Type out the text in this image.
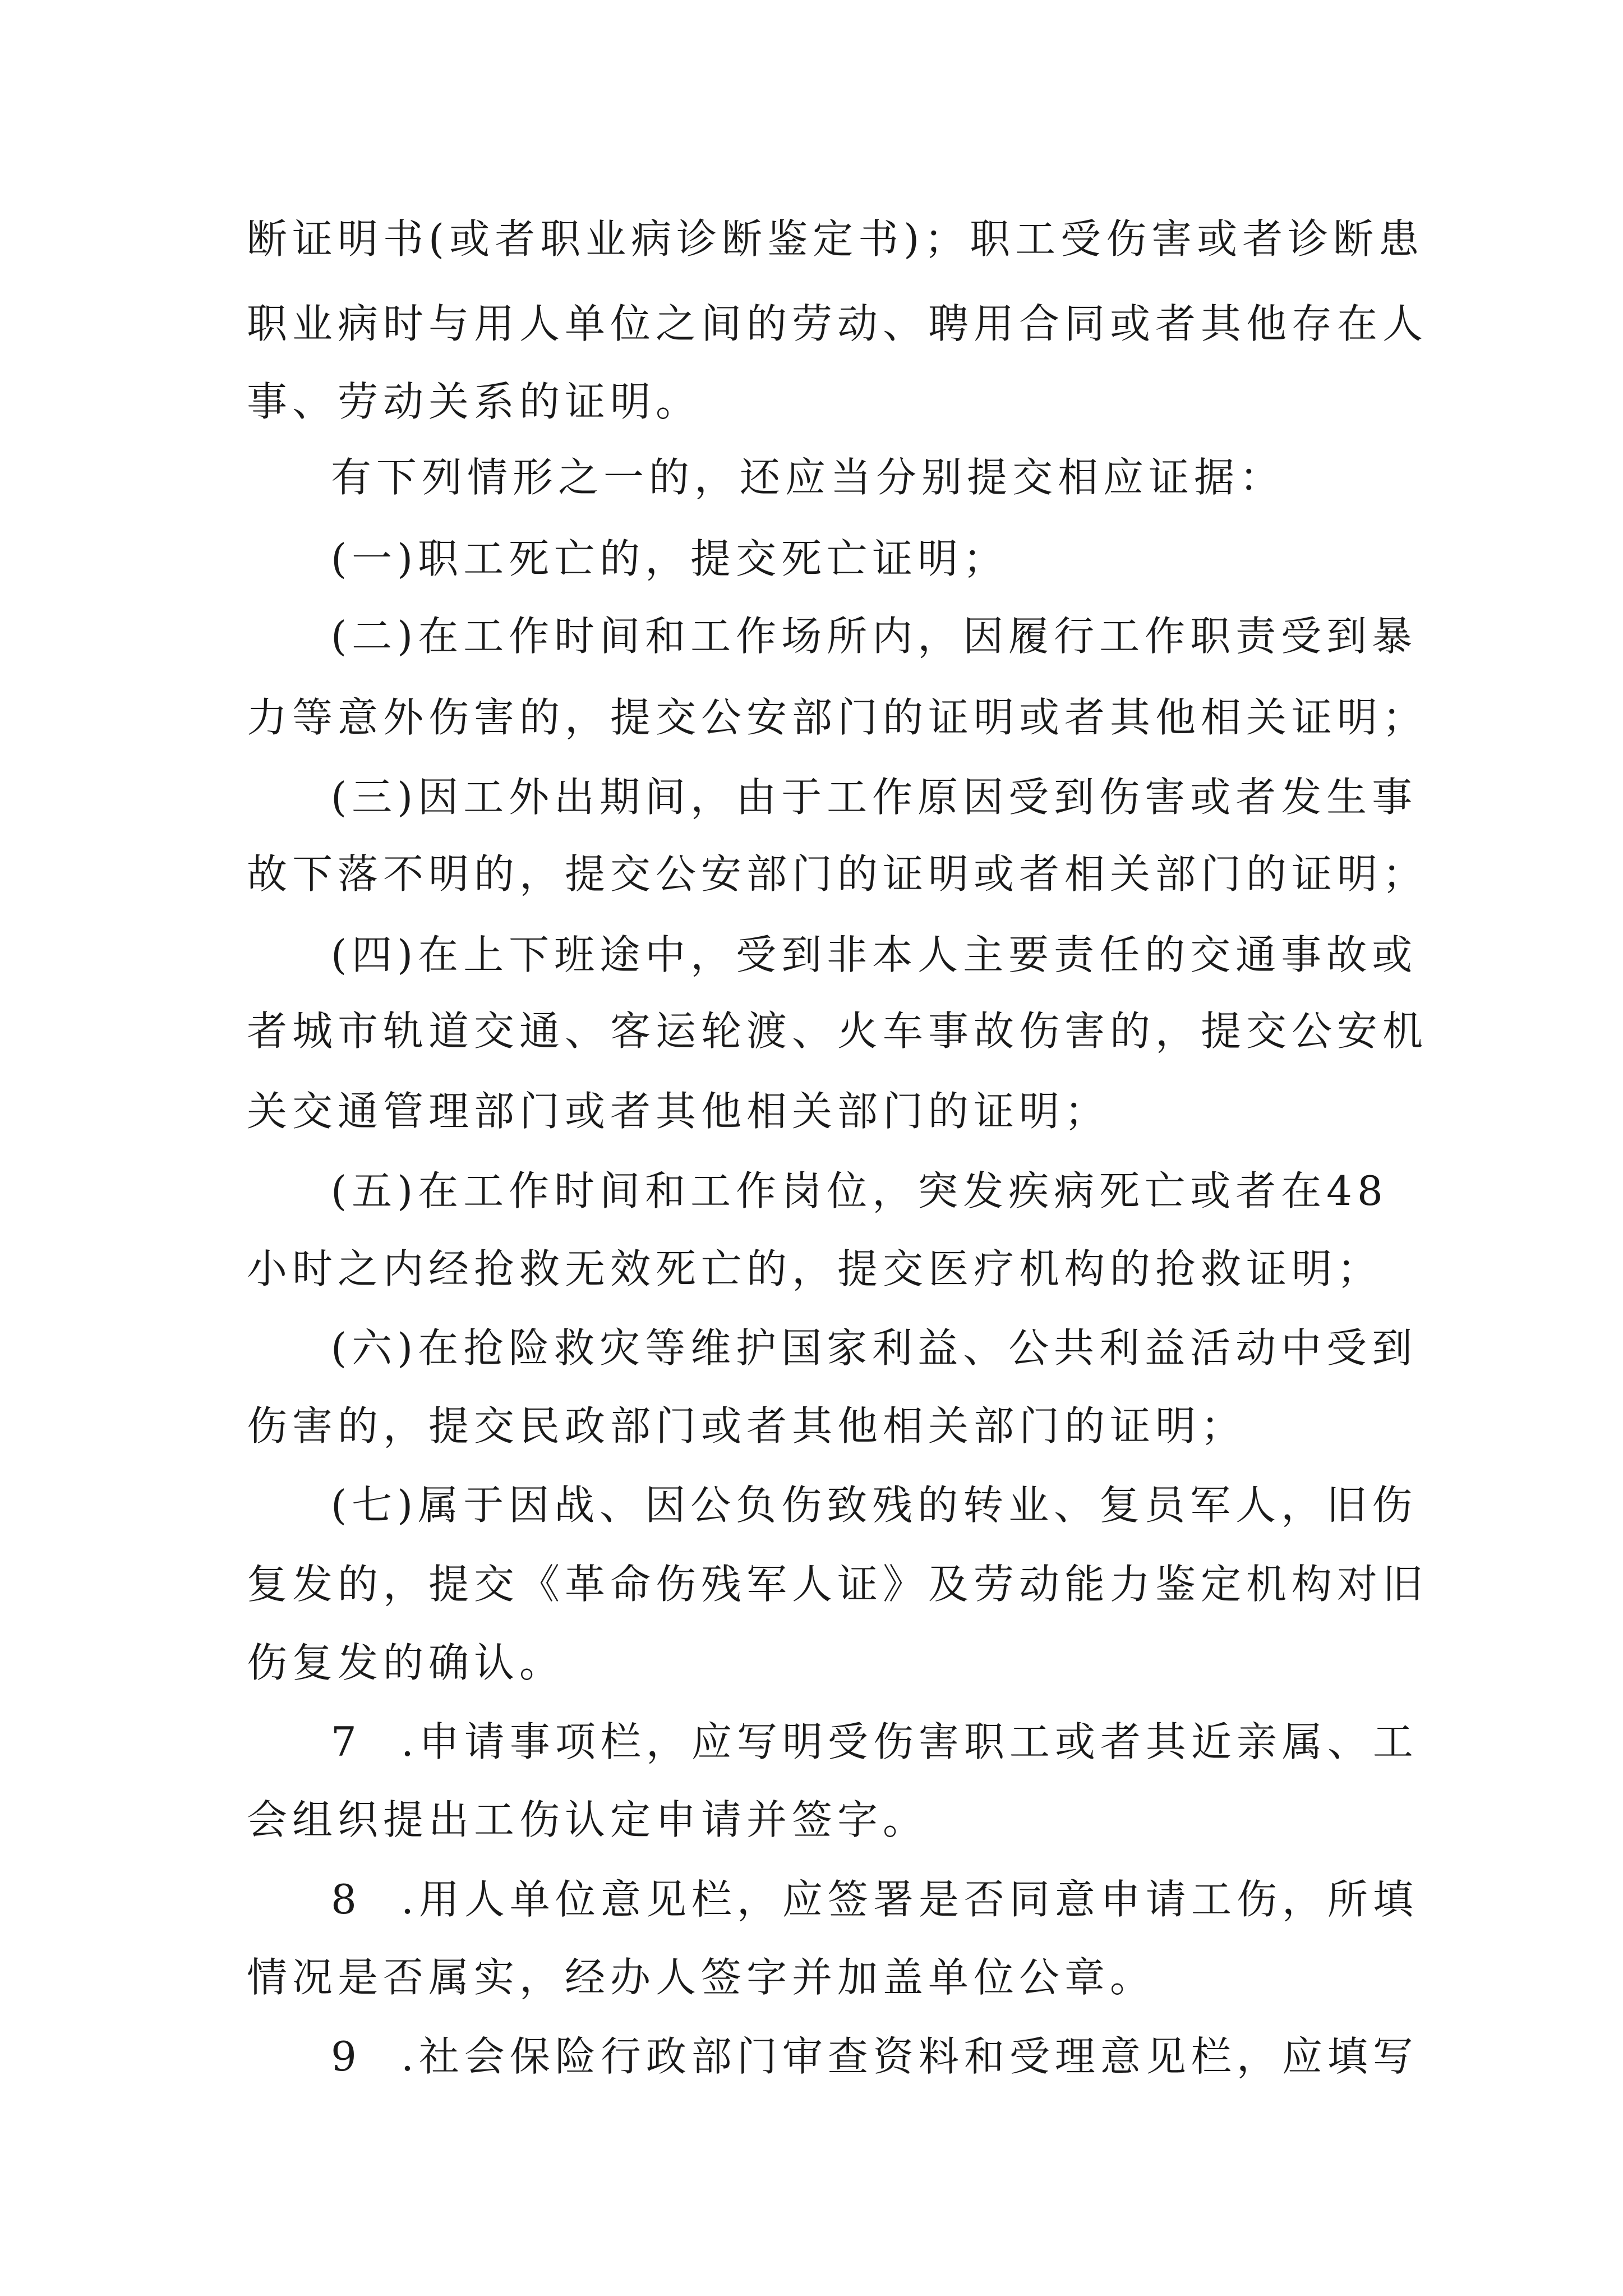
断证明书(或者职业病诊断鉴定书)；职工受伤害或者诊断患
职业病时与用人单位之间的劳动、聘用合同或者其他存在人
事、劳动关系的证明。
有下列情形之一的，还应当分别提交相应证据：
(一)职工死亡的，提交死亡证明；
(二)在工作时间和工作场所内，因履行工作职责受到暴
力等意外伤害的，提交公安部门的证明或者其他相关证明；
(三)因工外出期间，由于工作原因受到伤害或者发生事
故下落不明的，提交公安部门的证明或者相关部门的证明；
(四)在上下班途中，受到非本人主要责任的交通事故或
者城市轨道交通、客运轮渡、火车事故伤害的，提交公安机
关交通管理部门或者其他相关部门的证明；
(五)在工作时间和工作岗位，突发疾病死亡或者在48
小时之内经抢救无效死亡的，提交医疗机构的抢救证明；
(六)在抢险救灾等维护国家利益、公共利益活动中受到
伤害的，提交民政部门或者其他相关部门的证明；
(七)属于因战、因公负伤致残的转业、复员军人，旧伤
复发的，提交《革命伤残军人证》及劳动能力鉴定机构对旧
伤复发的确认。
7 .申请事项栏，应写明受伤害职工或者其近亲属、工
会组织提出工伤认定申请并签字。
8 .用人单位意见栏，应签署是否同意申请工伤，所填
情况是否属实，经办人签字并加盖单位公章。
9 .社会保险行政部门审查资料和受理意见栏，应填写
